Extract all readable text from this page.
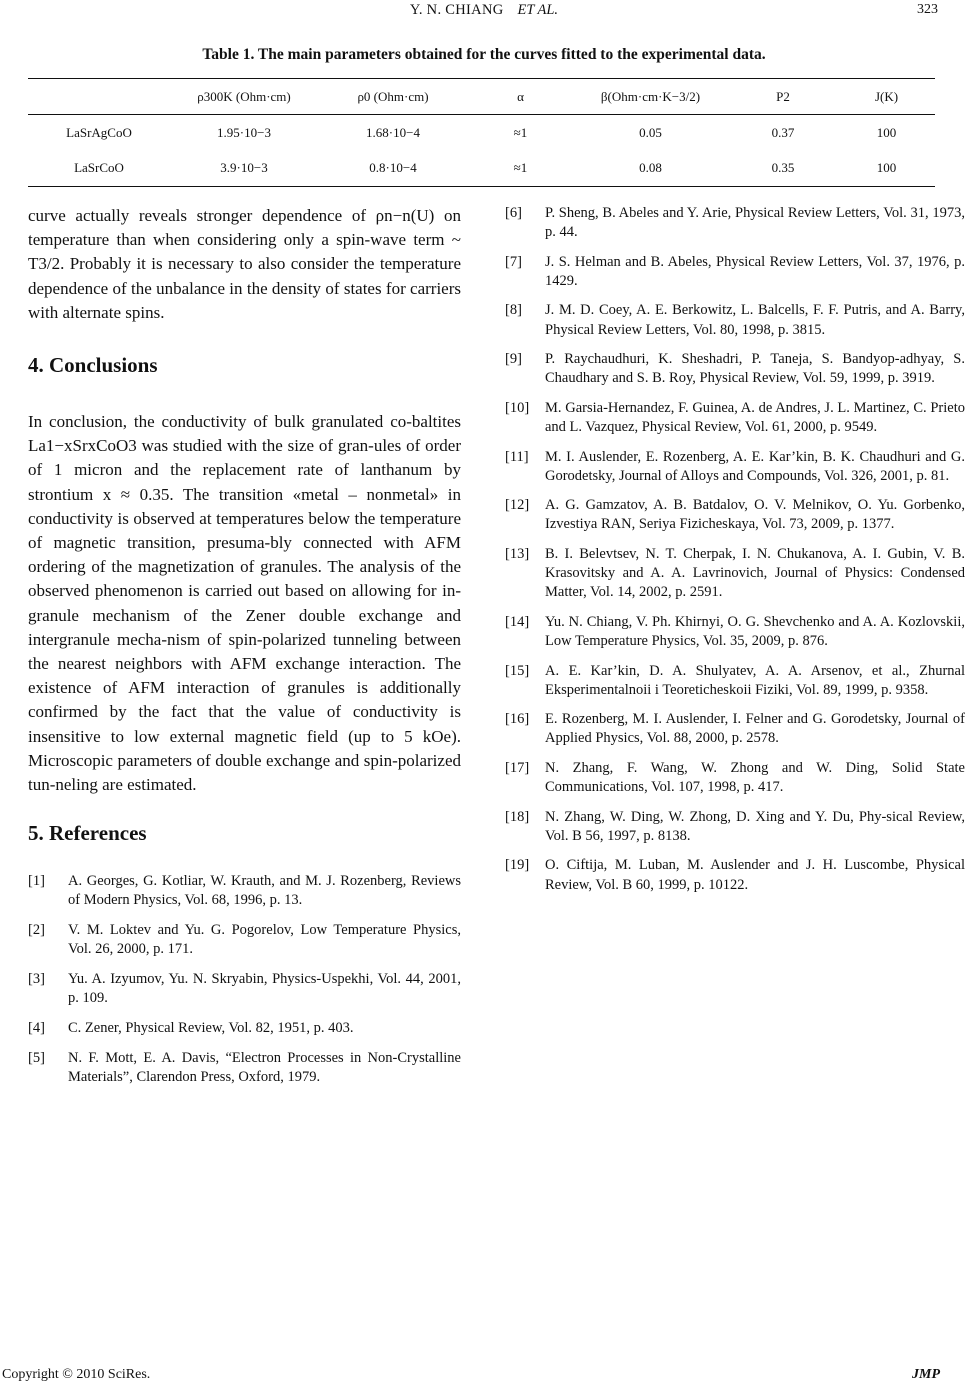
Y. N. CHIANG ET AL.	323
Table 1. The main parameters obtained for the curves fitted to the experimental data.
	ρ300K (Ohm·cm)	ρ0 (Ohm·cm)	α	β(Ohm·cm·K−3/2)	P2	J(K)
LaSrAgCoO	1.95·10−3	1.68·10−4	≈1	0.05	0.37	100
LaSrCoO	3.9·10−3	0.8·10−4	≈1	0.08	0.35	100

curve actually reveals stronger dependence of ρn−n(U) on temperature than when considering only a spin-wave term ~ T3/2. Probably it is necessary to also consider the temperature dependence of the unbalance in the density of states for carriers with alternate spins.

4. Conclusions

In conclusion, the conductivity of bulk granulated co-baltites La1−xSrxCoO3 was studied with the size of gran-ules of order of 1 micron and the replacement rate of lanthanum by strontium x ≈ 0.35. The transition «metal – nonmetal» in conductivity is observed at temperatures below the temperature of magnetic transition, presuma-bly connected with AFM ordering of the magnetization of granules. The analysis of the observed phenomenon is carried out based on allowing for in-granule mechanism of the Zener double exchange and intergranule mecha-nism of spin-polarized tunneling between the nearest neighbors with AFM exchange interaction. The existence of AFM interaction of granules is additionally confirmed by the fact that the value of conductivity is insensitive to low external magnetic field (up to 5 kOe). Microscopic parameters of double exchange and spin-polarized tun-neling are estimated.

5. References
[1]	A. Georges, G. Kotliar, W. Krauth, and M. J. Rozenberg, Reviews of Modern Physics, Vol. 68, 1996, p. 13.
[2]	V. M. Loktev and Yu. G. Pogorelov, Low Temperature Physics, Vol. 26, 2000, p. 171.
[3]	Yu. A. Izyumov, Yu. N. Skryabin, Physics-Uspekhi, Vol. 44, 2001, p. 109.
[4]	C. Zener, Physical Review, Vol. 82, 1951, p. 403.
[5]	N. F. Mott, E. A. Davis, “Electron Processes in Non-Crystalline Materials”, Clarendon Press, Oxford, 1979.
[6]	P. Sheng, B. Abeles and Y. Arie, Physical Review Letters, Vol. 31, 1973, p. 44.
[7]	J. S. Helman and B. Abeles, Physical Review Letters, Vol. 37, 1976, p. 1429.
[8]	J. M. D. Coey, A. E. Berkowitz, L. Balcells, F. F. Putris, and A. Barry, Physical Review Letters, Vol. 80, 1998, p. 3815.
[9]	P. Raychaudhuri, K. Sheshadri, P. Taneja, S. Bandyop-adhyay, S. Chaudhary and S. B. Roy, Physical Review, Vol. 59, 1999, p. 3919.
[10]	M. Garsia-Hernandez, F. Guinea, A. de Andres, J. L. Martinez, C. Prieto and L. Vazquez, Physical Review, Vol. 61, 2000, p. 9549.
[11]	M. I. Auslender, E. Rozenberg, A. E. Kar’kin, B. K. Chaudhuri and G. Gorodetsky, Journal of Alloys and Compounds, Vol. 326, 2001, p. 81.
[12]	A. G. Gamzatov, A. B. Batdalov, O. V. Melnikov, O. Yu. Gorbenko, Izvestiya RAN, Seriya Fizicheskaya, Vol. 73, 2009, p. 1377.
[13]	B. I. Belevtsev, N. T. Cherpak, I. N. Chukanova, A. I. Gubin, V. B. Krasovitsky and A. A. Lavrinovich, Journal of Physics: Condensed Matter, Vol. 14, 2002, p. 2591.
[14]	Yu. N. Chiang, V. Ph. Khirnyi, O. G. Shevchenko and A. A. Kozlovskii, Low Temperature Physics, Vol. 35, 2009, p. 876.
[15]	A. E. Kar’kin, D. A. Shulyatev, A. A. Arsenov, et al., Zhurnal Eksperimentalnoii i Teoreticheskoii Fiziki, Vol. 89, 1999, p. 9358.
[16]	E. Rozenberg, M. I. Auslender, I. Felner and G. Gorodetsky, Journal of Applied Physics, Vol. 88, 2000, p. 2578.
[17]	N. Zhang, F. Wang, W. Zhong and W. Ding, Solid State Communications, Vol. 107, 1998, p. 417.
[18]	N. Zhang, W. Ding, W. Zhong, D. Xing and Y. Du, Phy-sical Review, Vol. B 56, 1997, p. 8138.
[19]	O. Ciftija, M. Luban, M. Auslender and J. H. Luscombe, Physical Review, Vol. B 60, 1999, p. 10122.
Copyright © 2010 SciRes.	JMP
